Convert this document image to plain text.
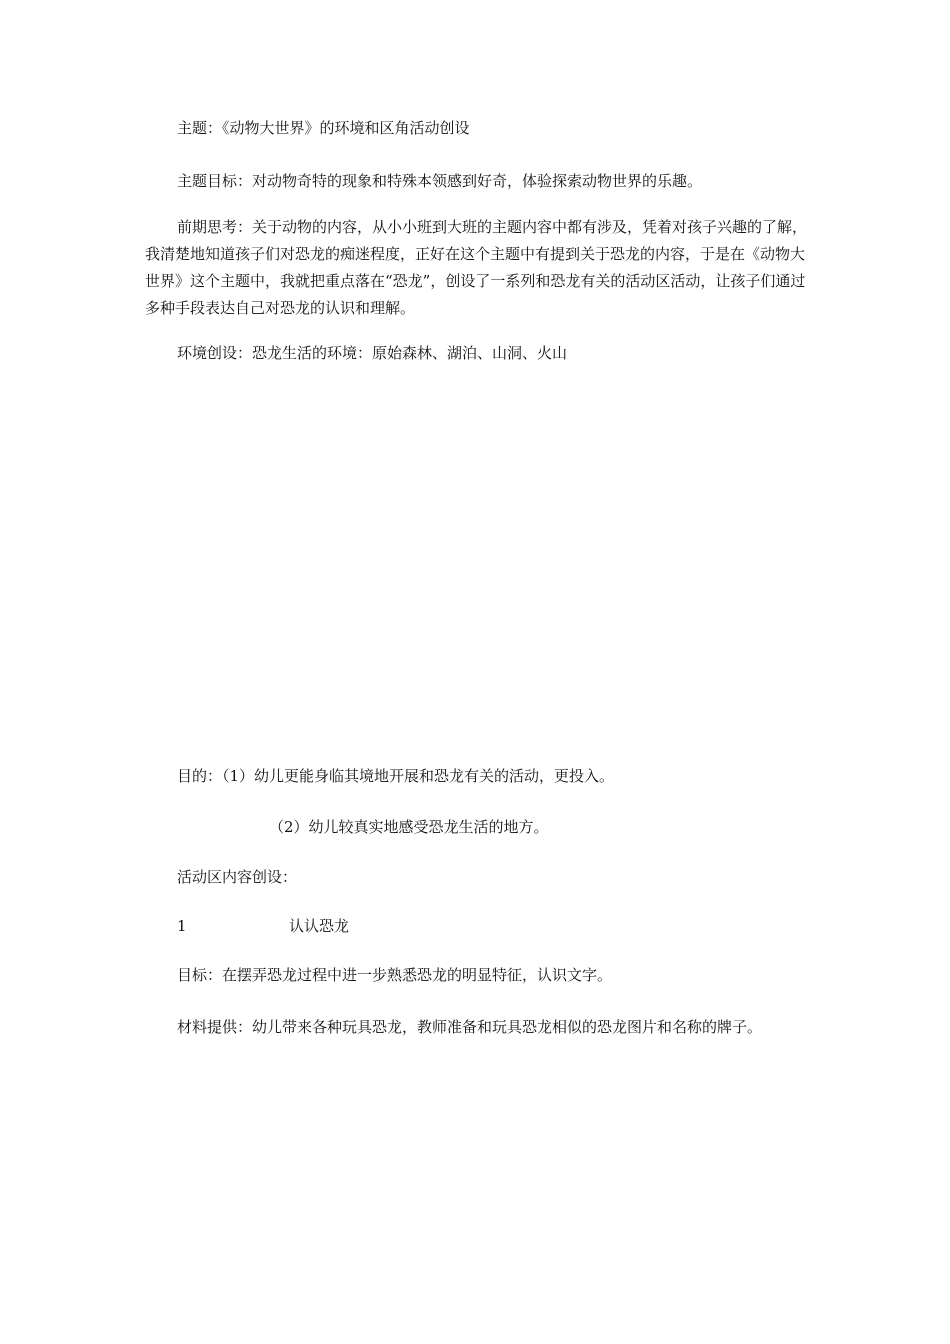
主题：《动物大世界》的环境和区角活动创设

主题目标：对动物奇特的现象和特殊本领感到好奇，体验探索动物世界的乐趣。

前期思考：关于动物的内容，从小小班到大班的主题内容中都有涉及，凭着对孩子兴趣的了解，我清楚地知道孩子们对恐龙的痴迷程度，正好在这个主题中有提到关于恐龙的内容，于是在《动物大世界》这个主题中，我就把重点落在“恐龙”，创设了一系列和恐龙有关的活动区活动，让孩子们通过多种手段表达自己对恐龙的认识和理解。

环境创设：恐龙生活的环境：原始森林、湖泊、山洞、火山

目的：（1）幼儿更能身临其境地开展和恐龙有关的活动，更投入。

（2）幼儿较真实地感受恐龙生活的地方。

活动区内容创设：

1	认认恐龙

目标：在摆弄恐龙过程中进一步熟悉恐龙的明显特征，认识文字。

材料提供：幼儿带来各种玩具恐龙，教师准备和玩具恐龙相似的恐龙图片和名称的牌子。
